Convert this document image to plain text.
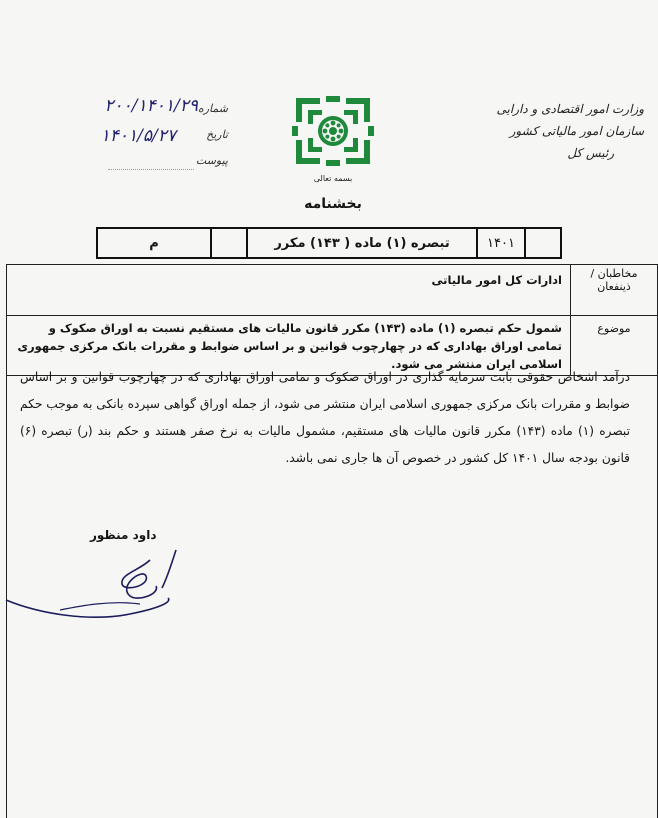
وزارت امور اقتصادی و دارایی
سازمان امور مالیاتی کشور
رئیس کل
بسمه تعالی
بخشنامه
شماره
۲۰۰/۱۴۰۱/۲۹
تاریخ
۱۴۰۱/۵/۲۷
پیوست
۱۴۰۱
تبصره (۱) ماده ( ۱۴۳) مکرر
م
مخاطبان / ذینفعان	ادارات کل امور مالیاتی
موضوع	شمول حکم تبصره (۱) ماده (۱۴۳) مکرر قانون مالیات های مستقیم نسبت به اوراق صکوک و تمامی اوراق بهاداری که در چهارچوب قوانین و بر اساس ضوابط و مقررات بانک مرکزی جمهوری اسلامی ایران منتشر می شود.
درآمد اشخاص حقوقی بابت سرمایه گذاری در اوراق صکوک و تمامی اوراق بهاداری که در چهارچوب قوانین و بر اساس ضوابط و مقررات بانک مرکزی جمهوری اسلامی ایران منتشر می شود، از جمله اوراق گواهی سپرده بانکی به موجب حکم تبصره (۱) ماده (۱۴۳) مکرر قانون مالیات های مستقیم، مشمول مالیات به نرخ صفر هستند و حکم بند (ر) تبصره (۶) قانون بودجه سال ۱۴۰۱ کل کشور در خصوص آن ها جاری نمی باشد.
داود منظور
